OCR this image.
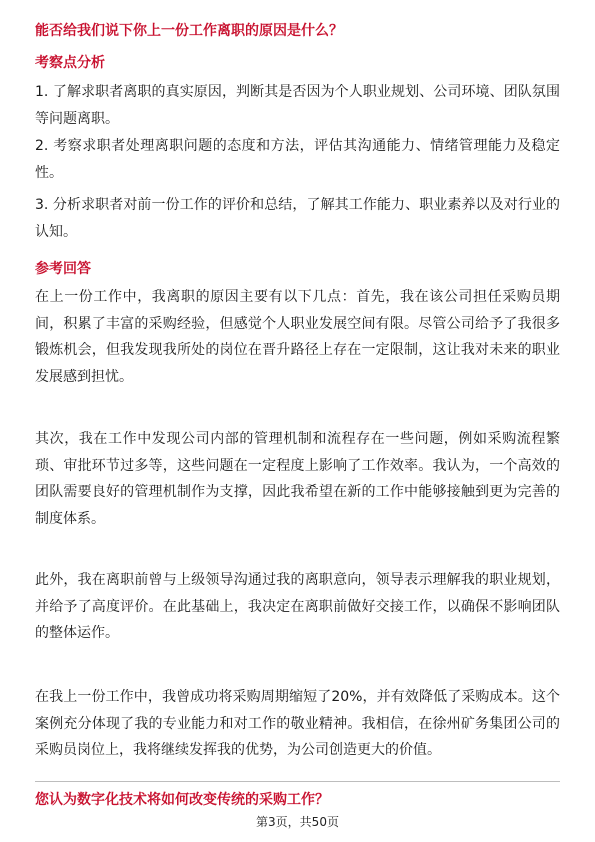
能否给我们说下你上一份工作离职的原因是什么？
考察点分析
1. 了解求职者离职的真实原因，判断其是否因为个人职业规划、公司环境、团队氛围等问题离职。
2. 考察求职者处理离职问题的态度和方法，评估其沟通能力、情绪管理能力及稳定性。
3. 分析求职者对前一份工作的评价和总结，了解其工作能力、职业素养以及对行业的认知。
参考回答
在上一份工作中，我离职的原因主要有以下几点：首先，我在该公司担任采购员期间，积累了丰富的采购经验，但感觉个人职业发展空间有限。尽管公司给予了我很多锻炼机会，但我发现我所处的岗位在晋升路径上存在一定限制，这让我对未来的职业发展感到担忧。
其次，我在工作中发现公司内部的管理机制和流程存在一些问题，例如采购流程繁琐、审批环节过多等，这些问题在一定程度上影响了工作效率。我认为，一个高效的团队需要良好的管理机制作为支撑，因此我希望在新的工作中能够接触到更为完善的制度体系。
此外，我在离职前曾与上级领导沟通过我的离职意向，领导表示理解我的职业规划，并给予了高度评价。在此基础上，我决定在离职前做好交接工作，以确保不影响团队的整体运作。
在我上一份工作中，我曾成功将采购周期缩短了20%，并有效降低了采购成本。这个案例充分体现了我的专业能力和对工作的敬业精神。我相信，在徐州矿务集团公司的采购员岗位上，我将继续发挥我的优势，为公司创造更大的价值。
您认为数字化技术将如何改变传统的采购工作？
第3页，共50页
